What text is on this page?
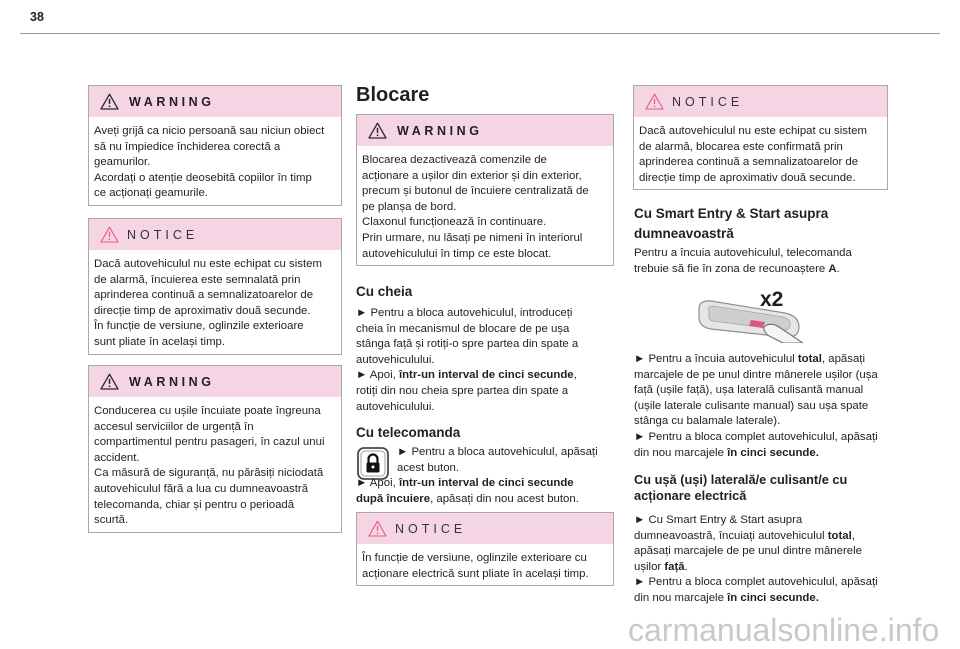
38
WARNING
Aveți grijă ca nicio persoană sau niciun obiect
să nu împiedice închiderea corectă a
geamurilor.
Acordați o atenție deosebită copiilor în timp
ce acționați geamurile.
NOTICE
Dacă autovehiculul nu este echipat cu sistem
de alarmă, încuierea este semnalată prin
aprinderea continuă a semnalizatoarelor de
direcție timp de aproximativ două secunde.
În funcție de versiune, oglinzile exterioare
sunt pliate în același timp.
WARNING
Conducerea cu ușile încuiate poate îngreuna
accesul serviciilor de urgență în
compartimentul pentru pasageri, în cazul unui
accident.
Ca măsură de siguranță, nu părăsiți niciodată
autovehiculul fără a lua cu dumneavoastră
telecomanda, chiar și pentru o perioadă
scurtă.
Blocare
WARNING
Blocarea dezactivează comenzile de
acționare a ușilor din exterior și din exterior,
precum și butonul de încuiere centralizată de
pe planșa de bord.
Claxonul funcționează în continuare.
Prin urmare, nu lăsați pe nimeni în interiorul
autovehiculului în timp ce este blocat.
Cu cheia
► Pentru a bloca autovehiculul, introduceți
cheia în mecanismul de blocare de pe ușa
stânga față și rotiți-o spre partea din spate a
autovehiculului.
► Apoi, într-un interval de cinci secunde,
rotiți din nou cheia spre partea din spate a
autovehiculului.
Cu telecomanda
► Pentru a bloca autovehiculul, apăsați
acest buton.
► Apoi, într-un interval de cinci secunde
după încuiere, apăsați din nou acest buton.
NOTICE
În funcție de versiune, oglinzile exterioare cu
acționare electrică sunt pliate în același timp.
NOTICE
Dacă autovehiculul nu este echipat cu sistem
de alarmă, blocarea este confirmată prin
aprinderea continuă a semnalizatoarelor de
direcție timp de aproximativ două secunde.
Cu Smart Entry & Start asupra
dumneavoastră
Pentru a încuia autovehiculul, telecomanda
trebuie să fie în zona de recunoaștere A.
x2
► Pentru a încuia autovehiculul total, apăsați
marcajele de pe unul dintre mânerele ușilor (ușa
față (ușile față), ușa laterală culisantă manual
(ușile laterale culisante manual) sau ușa spate
stânga cu balamale laterale).
► Pentru a bloca complet autovehiculul, apăsați
din nou marcajele în cinci secunde.
Cu ușă (uși) laterală/e culisant/e cu
acționare electrică
► Cu Smart Entry & Start asupra
dumneavoastră, încuiați autovehiculul total,
apăsați marcajele de pe unul dintre mânerele
ușilor față.
► Pentru a bloca complet autovehiculul, apăsați
din nou marcajele în cinci secunde.
carmanualsonline.info
